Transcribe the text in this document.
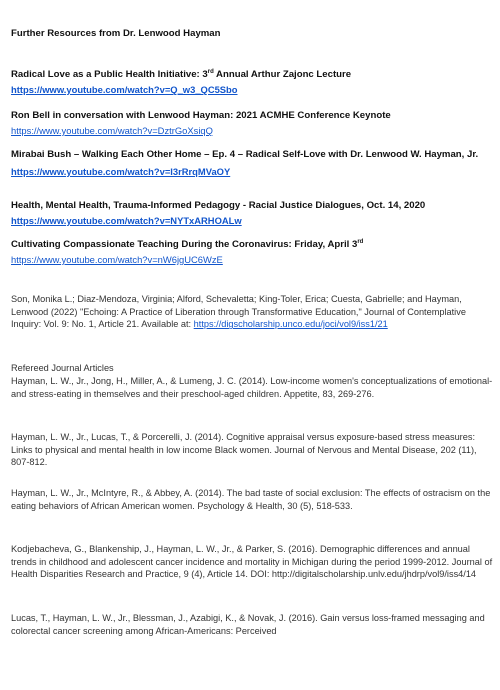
Further Resources from Dr. Lenwood Hayman
Radical Love as a Public Health Initiative: 3rd Annual Arthur Zajonc Lecture
https://www.youtube.com/watch?v=Q_w3_QC5Sbo
Ron Bell in conversation with Lenwood Hayman: 2021 ACMHE Conference Keynote
https://www.youtube.com/watch?v=DztrGoXsiqQ
Mirabai Bush – Walking Each Other Home – Ep. 4 – Radical Self-Love with Dr. Lenwood W. Hayman, Jr.
https://www.youtube.com/watch?v=I3rRrqMVaOY
Health, Mental Health, Trauma-Informed Pedagogy - Racial Justice Dialogues, Oct. 14, 2020
https://www.youtube.com/watch?v=NYTxARHOALw
Cultivating Compassionate Teaching During the Coronavirus: Friday, April 3rd
https://www.youtube.com/watch?v=nW6jgUC6WzE
Son, Monika L.; Diaz-Mendoza, Virginia; Alford, Schevaletta; King-Toler, Erica; Cuesta, Gabrielle; and Hayman, Lenwood (2022) "Echoing: A Practice of Liberation through Transformative Education," Journal of Contemplative Inquiry: Vol. 9: No. 1, Article 21. Available at: https://digscholarship.unco.edu/joci/vol9/iss1/21
Refereed Journal Articles
Hayman, L. W., Jr., Jong, H., Miller, A., & Lumeng, J. C. (2014). Low-income women's conceptualizations of emotional- and stress-eating in themselves and their preschool-aged children. Appetite, 83, 269-276.
Hayman, L. W., Jr., Lucas, T., & Porcerelli, J. (2014). Cognitive appraisal versus exposure-based stress measures: Links to physical and mental health in low income Black women. Journal of Nervous and Mental Disease, 202 (11), 807-812.
Hayman, L. W., Jr., McIntyre, R., & Abbey, A. (2014). The bad taste of social exclusion: The effects of ostracism on the eating behaviors of African American women. Psychology & Health, 30 (5), 518-533.
Kodjebacheva, G., Blankenship, J., Hayman, L. W., Jr., & Parker, S. (2016). Demographic differences and annual trends in childhood and adolescent cancer incidence and mortality in Michigan during the period 1999-2012. Journal of Health Disparities Research and Practice, 9 (4), Article 14. DOI: http://digitalscholarship.unlv.edu/jhdrp/vol9/iss4/14
Lucas, T., Hayman, L. W., Jr., Blessman, J., Azabigi, K., & Novak, J. (2016). Gain versus loss-framed messaging and colorectal cancer screening among African-Americans: Perceived
